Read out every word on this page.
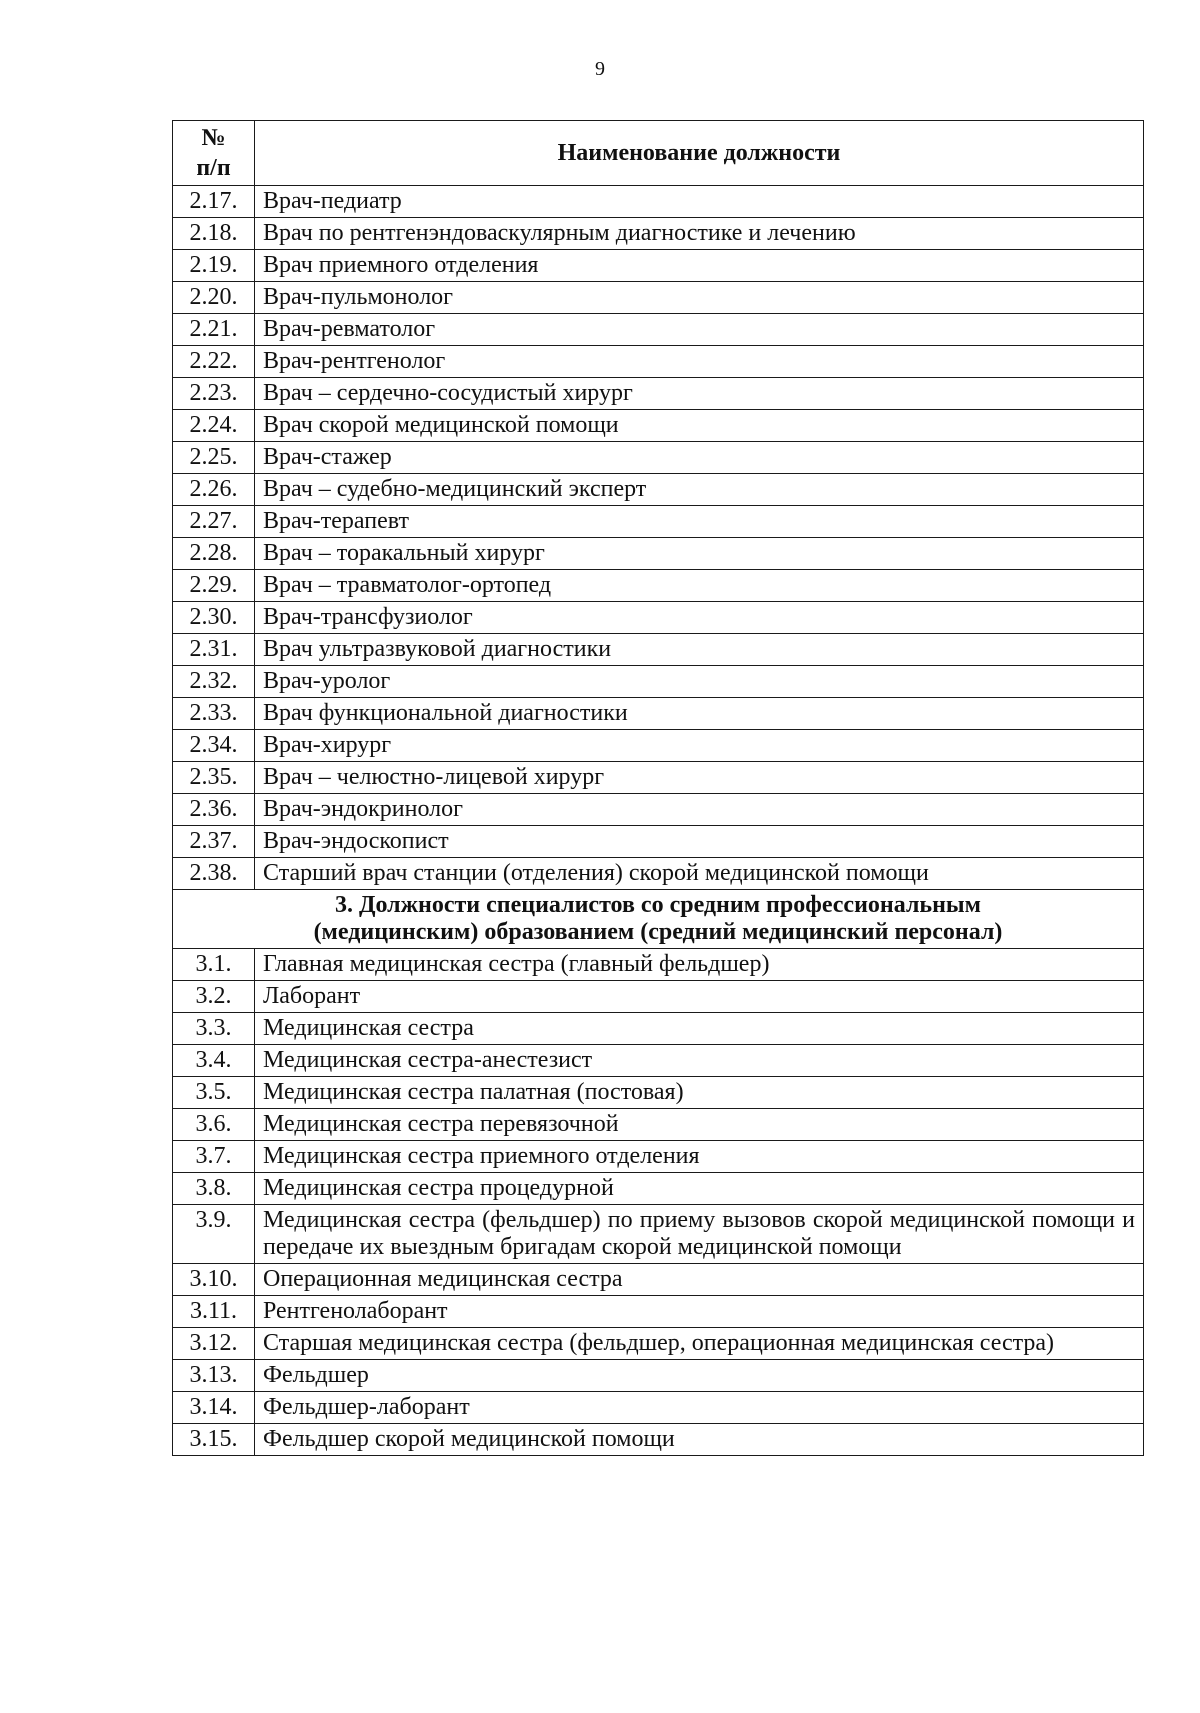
9
№
п/п	Наименование должности
2.17.	Врач-педиатр
2.18.	Врач по рентгенэндоваскулярным диагностике и лечению
2.19.	Врач приемного отделения
2.20.	Врач-пульмонолог
2.21.	Врач-ревматолог
2.22.	Врач-рентгенолог
2.23.	Врач – сердечно-сосудистый хирург
2.24.	Врач скорой медицинской помощи
2.25.	Врач-стажер
2.26.	Врач – судебно-медицинский эксперт
2.27.	Врач-терапевт
2.28.	Врач – торакальный хирург
2.29.	Врач – травматолог-ортопед
2.30.	Врач-трансфузиолог
2.31.	Врач ультразвуковой диагностики
2.32.	Врач-уролог
2.33.	Врач функциональной диагностики
2.34.	Врач-хирург
2.35.	Врач – челюстно-лицевой хирург
2.36.	Врач-эндокринолог
2.37.	Врач-эндоскопист
2.38.	Старший врач станции (отделения) скорой медицинской помощи

3. Должности специалистов со средним профессиональным
(медицинским) образованием (средний медицинский персонал)	

3.1.	Главная медицинская сестра (главный фельдшер)
3.2.	Лаборант
3.3.	Медицинская сестра
3.4.	Медицинская сестра-анестезист
3.5.	Медицинская сестра палатная (постовая)
3.6.	Медицинская сестра перевязочной
3.7.	Медицинская сестра приемного отделения
3.8.	Медицинская сестра процедурной
3.9.	Медицинская сестра (фельдшер) по приему вызовов скорой медицинской помощи и передаче их выездным бригадам скорой медицинской помощи
3.10.	Операционная медицинская сестра
3.11.	Рентгенолаборант
3.12.	Старшая медицинская сестра (фельдшер, операционная медицинская сестра)
3.13.	Фельдшер
3.14.	Фельдшер-лаборант
3.15.	Фельдшер скорой медицинской помощи
